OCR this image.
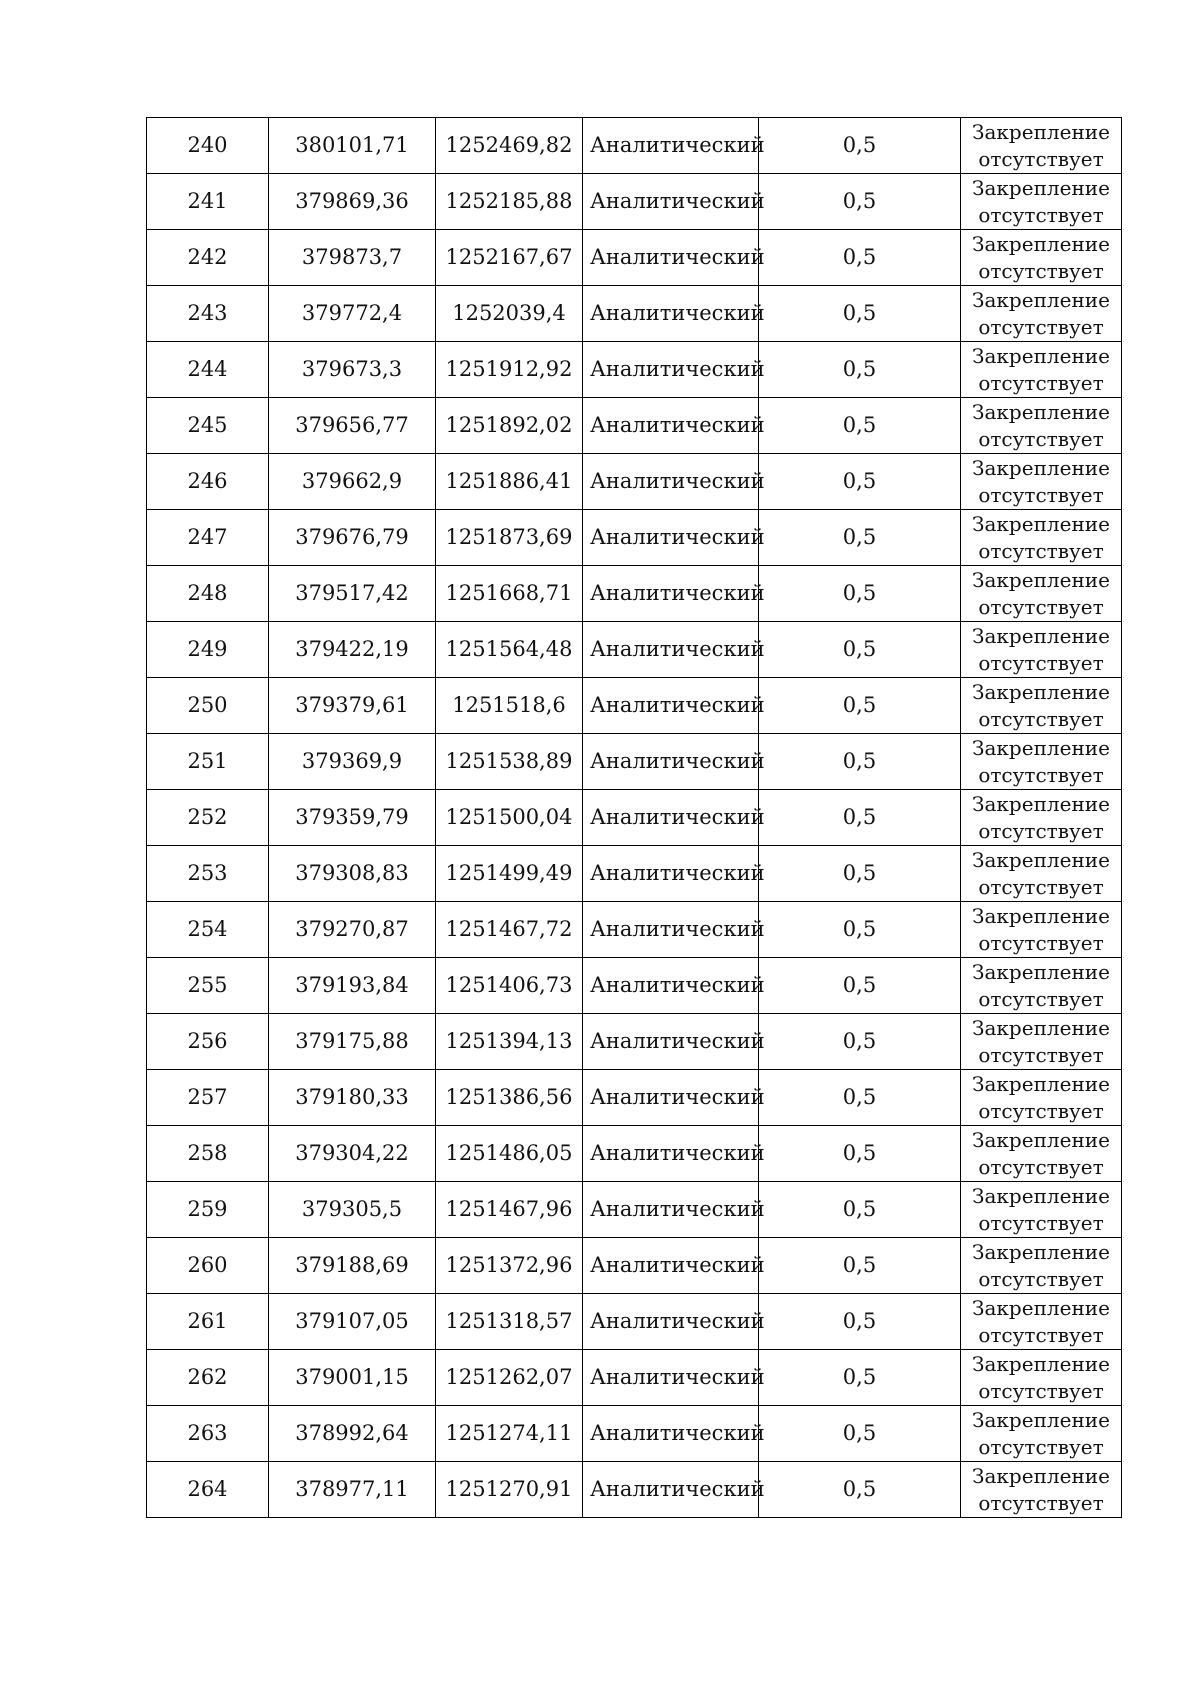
240	380101,71	1252469,82	Аналитический	0,5	Закрепление
отсутствует

241	379869,36	1252185,88	Аналитический	0,5	Закрепление
отсутствует

242	379873,7	1252167,67	Аналитический	0,5	Закрепление
отсутствует

243	379772,4	1252039,4	Аналитический	0,5	Закрепление
отсутствует

244	379673,3	1251912,92	Аналитический	0,5	Закрепление
отсутствует

245	379656,77	1251892,02	Аналитический	0,5	Закрепление
отсутствует

246	379662,9	1251886,41	Аналитический	0,5	Закрепление
отсутствует

247	379676,79	1251873,69	Аналитический	0,5	Закрепление
отсутствует

248	379517,42	1251668,71	Аналитический	0,5	Закрепление
отсутствует

249	379422,19	1251564,48	Аналитический	0,5	Закрепление
отсутствует

250	379379,61	1251518,6	Аналитический	0,5	Закрепление
отсутствует

251	379369,9	1251538,89	Аналитический	0,5	Закрепление
отсутствует

252	379359,79	1251500,04	Аналитический	0,5	Закрепление
отсутствует

253	379308,83	1251499,49	Аналитический	0,5	Закрепление
отсутствует

254	379270,87	1251467,72	Аналитический	0,5	Закрепление
отсутствует

255	379193,84	1251406,73	Аналитический	0,5	Закрепление
отсутствует

256	379175,88	1251394,13	Аналитический	0,5	Закрепление
отсутствует

257	379180,33	1251386,56	Аналитический	0,5	Закрепление
отсутствует

258	379304,22	1251486,05	Аналитический	0,5	Закрепление
отсутствует

259	379305,5	1251467,96	Аналитический	0,5	Закрепление
отсутствует

260	379188,69	1251372,96	Аналитический	0,5	Закрепление
отсутствует

261	379107,05	1251318,57	Аналитический	0,5	Закрепление
отсутствует

262	379001,15	1251262,07	Аналитический	0,5	Закрепление
отсутствует

263	378992,64	1251274,11	Аналитический	0,5	Закрепление
отсутствует

264	378977,11	1251270,91	Аналитический	0,5	Закрепление
отсутствует
